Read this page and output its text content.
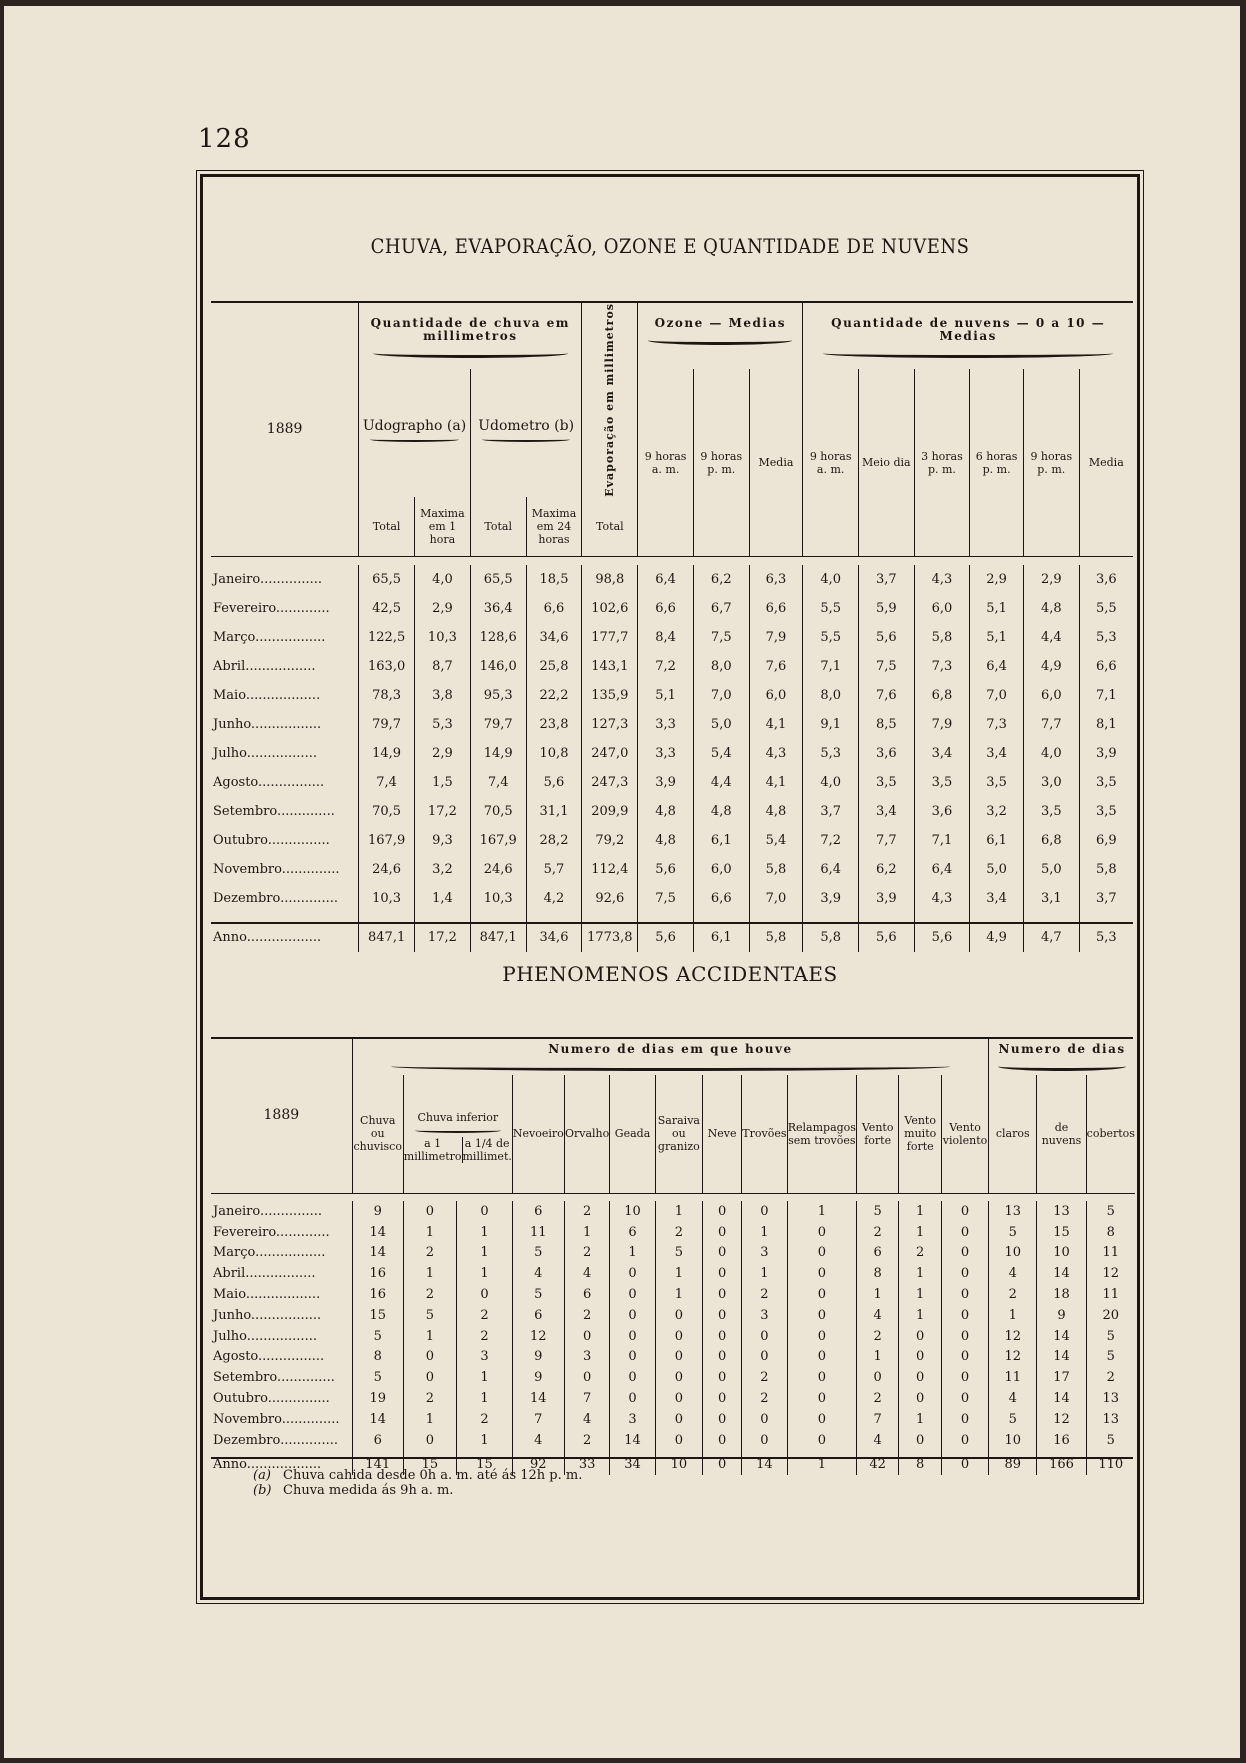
128
CHUVA, EVAPORAÇÃO, OZONE E QUANTIDADE DE NUVENS
1889	Quantidade de chuva em millimetros				Evaporação em millimetros	Ozone — Medias			Quantidade de nuvens — 0 a 10 — Medias					

	Udographo (a)		Udometro (b)			9 horas a. m.	9 horas p. m.	Media	9 horas a. m.	Meio dia	3 horas p. m.	6 horas p. m.	9 horas p. m.	Media
	Total	Maxima em 1 hora	Total	Maxima em 24 horas	Total									

Janeiro...............	65,5	4,0	65,5	18,5	98,8	6,4	6,2	6,3	4,0	3,7	4,3	2,9	2,9	3,6
Fevereiro.............	42,5	2,9	36,4	6,6	102,6	6,6	6,7	6,6	5,5	5,9	6,0	5,1	4,8	5,5
Março.................	122,5	10,3	128,6	34,6	177,7	8,4	7,5	7,9	5,5	5,6	5,8	5,1	4,4	5,3
Abril.................	163,0	8,7	146,0	25,8	143,1	7,2	8,0	7,6	7,1	7,5	7,3	6,4	4,9	6,6
Maio..................	78,3	3,8	95,3	22,2	135,9	5,1	7,0	6,0	8,0	7,6	6,8	7,0	6,0	7,1
Junho.................	79,7	5,3	79,7	23,8	127,3	3,3	5,0	4,1	9,1	8,5	7,9	7,3	7,7	8,1
Julho.................	14,9	2,9	14,9	10,8	247,0	3,3	5,4	4,3	5,3	3,6	3,4	3,4	4,0	3,9
Agosto................	7,4	1,5	7,4	5,6	247,3	3,9	4,4	4,1	4,0	3,5	3,5	3,5	3,0	3,5
Setembro..............	70,5	17,2	70,5	31,1	209,9	4,8	4,8	4,8	3,7	3,4	3,6	3,2	3,5	3,5
Outubro...............	167,9	9,3	167,9	28,2	79,2	4,8	6,1	5,4	7,2	7,7	7,1	6,1	6,8	6,9
Novembro..............	24,6	3,2	24,6	5,7	112,4	5,6	6,0	5,8	6,4	6,2	6,4	5,0	5,0	5,8
Dezembro..............	10,3	1,4	10,3	4,2	92,6	7,5	6,6	7,0	3,9	3,9	4,3	3,4	3,1	3,7

Anno..................	847,1	17,2	847,1	34,6	1773,8	5,6	6,1	5,8	5,8	5,6	5,6	4,9	4,7	5,3
PHENOMENOS ACCIDENTAES
1889	Numero de dias em que houve													Numero de dias		

	Chuva ou chuvisco	Chuva inferior
a 1 millimetro
a 1/4 de millimet.		Nevoeiro	Orvalho	Geada	Saraiva ou granizo	Neve	Trovões	Relampagos sem trovões	Vento forte	Vento muito forte	Vento violento	claros	de nuvens	cobertos

Janeiro...............	9	0	0	6	2	10	1	0	0	1	5	1	0	13	13	5
Fevereiro.............	14	1	1	11	1	6	2	0	1	0	2	1	0	5	15	8
Março.................	14	2	1	5	2	1	5	0	3	0	6	2	0	10	10	11
Abril.................	16	1	1	4	4	0	1	0	1	0	8	1	0	4	14	12
Maio..................	16	2	0	5	6	0	1	0	2	0	1	1	0	2	18	11
Junho.................	15	5	2	6	2	0	0	0	3	0	4	1	0	1	9	20
Julho.................	5	1	2	12	0	0	0	0	0	0	2	0	0	12	14	5
Agosto................	8	0	3	9	3	0	0	0	0	0	1	0	0	12	14	5
Setembro..............	5	0	1	9	0	0	0	0	2	0	0	0	0	11	17	2
Outubro...............	19	2	1	14	7	0	0	0	2	0	2	0	0	4	14	13
Novembro..............	14	1	2	7	4	3	0	0	0	0	7	1	0	5	12	13
Dezembro..............	6	0	1	4	2	14	0	0	0	0	4	0	0	10	16	5

Anno..................	141	15	15	92	33	34	10	0	14	1	42	8	0	89	166	110
(a) Chuva cahida desde 0h a. m. até ás 12h p. m.
(b) Chuva medida ás 9h a. m.
